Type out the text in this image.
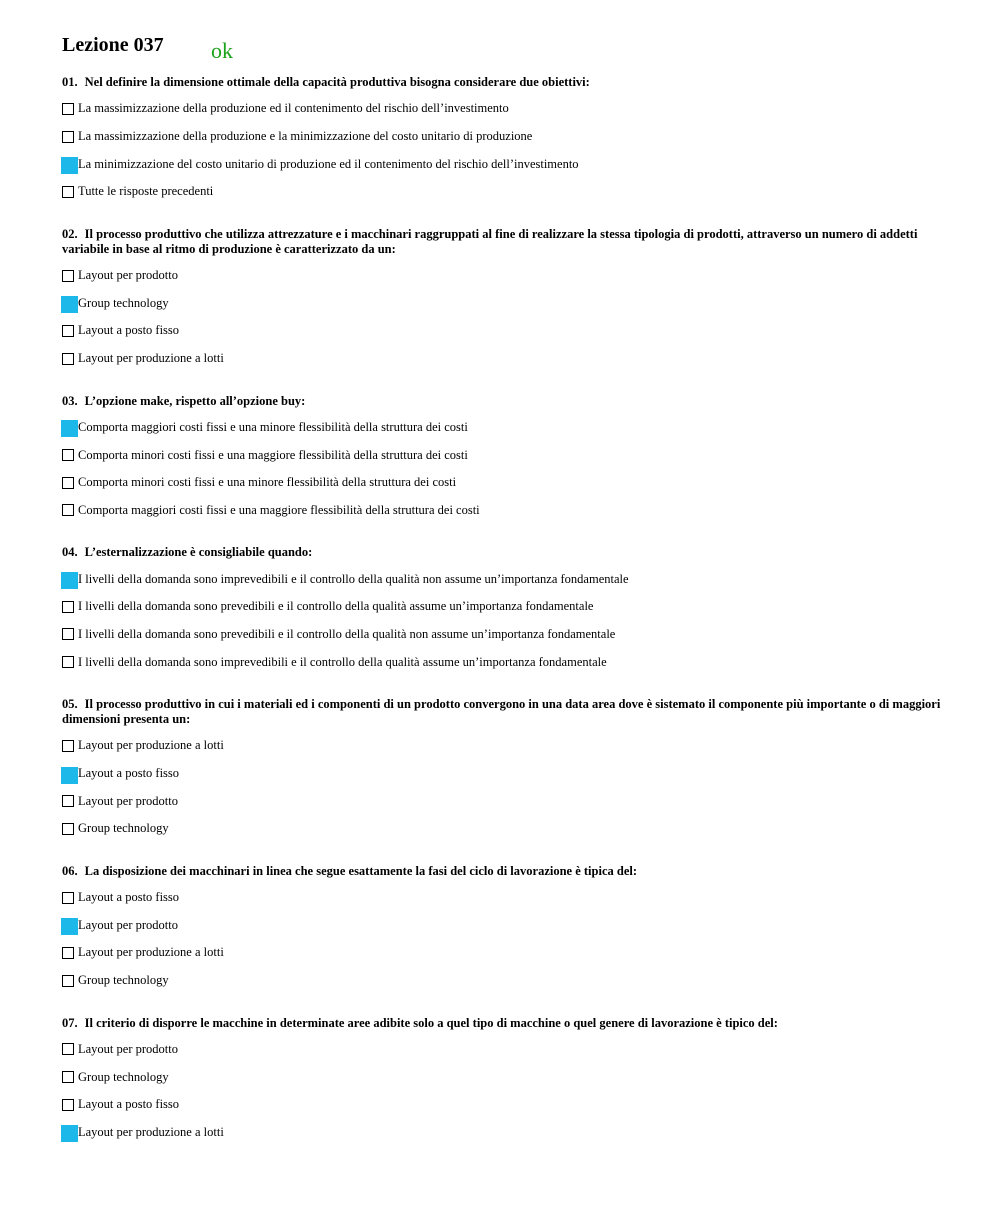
Lezione 037 ok
01. Nel definire la dimensione ottimale della capacità produttiva bisogna considerare due obiettivi:
La massimizzazione della produzione ed il contenimento del rischio dell’investimento
La massimizzazione della produzione e la minimizzazione del costo unitario di produzione
La minimizzazione del costo unitario di produzione ed il contenimento del rischio dell’investimento
Tutte le risposte precedenti
02. Il processo produttivo che utilizza attrezzature e i macchinari raggruppati al fine di realizzare la stessa tipologia di prodotti, attraverso un numero di addetti variabile in base al ritmo di produzione è caratterizzato da un:
Layout per prodotto
Group technology
Layout a posto fisso
Layout per produzione a lotti
03. L’opzione make, rispetto all’opzione buy:
Comporta maggiori costi fissi e una minore flessibilità della struttura dei costi
Comporta minori costi fissi e una maggiore flessibilità della struttura dei costi
Comporta minori costi fissi e una minore flessibilità della struttura dei costi
Comporta maggiori costi fissi e una maggiore flessibilità della struttura dei costi
04. L’esternalizzazione è consigliabile quando:
I livelli della domanda sono imprevedibili e il controllo della qualità non assume un’importanza fondamentale
I livelli della domanda sono prevedibili e il controllo della qualità assume un’importanza fondamentale
I livelli della domanda sono prevedibili e il controllo della qualità non assume un’importanza fondamentale
I livelli della domanda sono imprevedibili e il controllo della qualità assume un’importanza fondamentale
05. Il processo produttivo in cui i materiali ed i componenti di un prodotto convergono in una data area dove è sistemato il componente più importante o di maggiori dimensioni presenta un:
Layout per produzione a lotti
Layout a posto fisso
Layout per prodotto
Group technology
06. La disposizione dei macchinari in linea che segue esattamente la fasi del ciclo di lavorazione è tipica del:
Layout a posto fisso
Layout per prodotto
Layout per produzione a lotti
Group technology
07. Il criterio di disporre le macchine in determinate aree adibite solo a quel tipo di macchine o quel genere di lavorazione è tipico del:
Layout per prodotto
Group technology
Layout a posto fisso
Layout per produzione a lotti
